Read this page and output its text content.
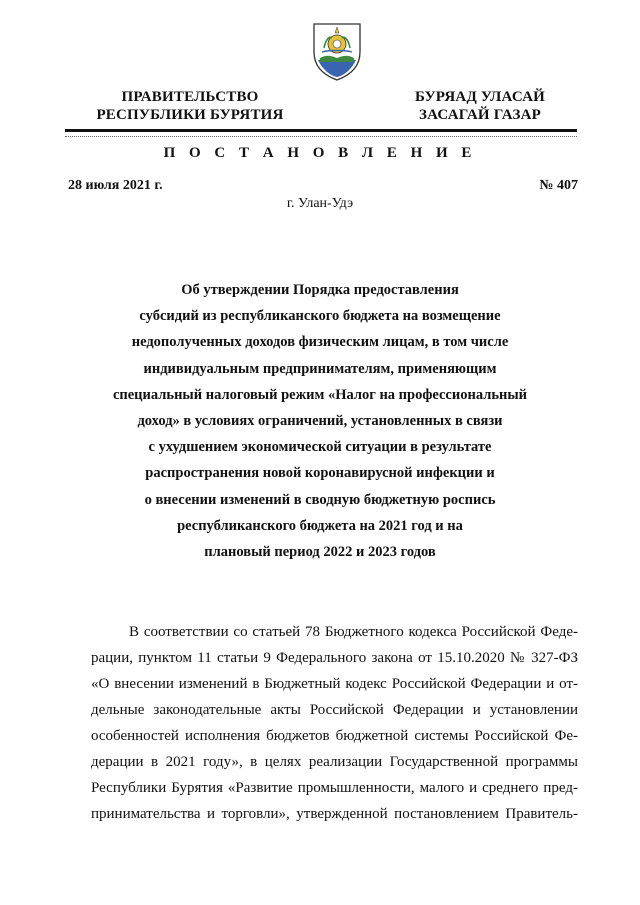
ПРАВИТЕЛЬСТВО
РЕСПУБЛИКИ БУРЯТИЯ
БУРЯАД УЛАСАЙ
ЗАСАГАЙ ГАЗАР
П О С Т А Н О В Л Е Н И Е
28 июля 2021 г.	№ 407
г. Улан-Удэ
Об утверждении Порядка предоставления
субсидий из республиканского бюджета на возмещение
недополученных доходов физическим лицам, в том числе
индивидуальным предпринимателям, применяющим
специальный налоговый режим «Налог на профессиональный
доход» в условиях ограничений, установленных в связи
с ухудшением экономической ситуации в результате
распространения новой коронавирусной инфекции и
о внесении изменений в сводную бюджетную роспись
республиканского бюджета на 2021 год и на
плановый период 2022 и 2023 годов
В соответствии со статьей 78 Бюджетного кодекса Российской Феде-
рации, пунктом 11 статьи 9 Федерального закона от 15.10.2020 № 327-ФЗ
«О внесении изменений в Бюджетный кодекс Российской Федерации и от-
дельные законодательные акты Российской Федерации и установлении
особенностей исполнения бюджетов бюджетной системы Российской Фе-
дерации в 2021 году», в целях реализации Государственной программы
Республики Бурятия «Развитие промышленности, малого и среднего пред-
принимательства и торговли», утвержденной постановлением Правитель-
